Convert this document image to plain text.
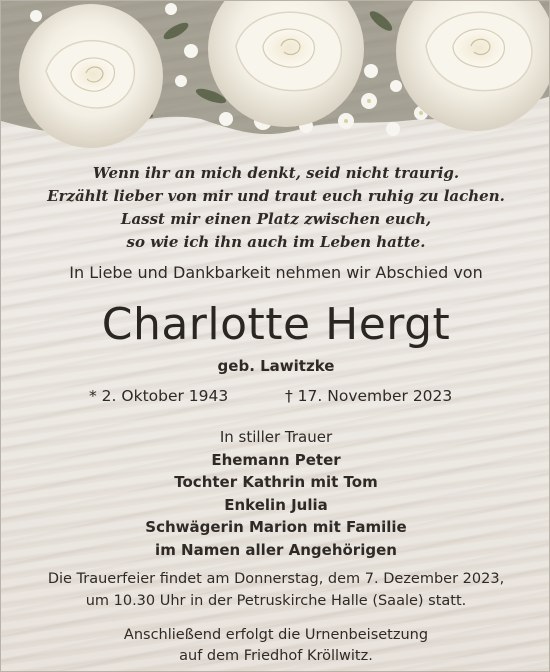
Wenn ihr an mich denkt, seid nicht traurig.
Erzählt lieber von mir und traut euch ruhig zu lachen.
Lasst mir einen Platz zwischen euch,
so wie ich ihn auch im Leben hatte.
In Liebe und Dankbarkeit nehmen wir Abschied von
Charlotte Hergt
geb. Lawitzke
* 2. Oktober 1943	† 17. November 2023
In stiller Trauer
Ehemann Peter
Tochter Kathrin mit Tom
Enkelin Julia
Schwägerin Marion mit Familie
im Namen aller Angehörigen
Die Trauerfeier findet am Donnerstag, dem 7. Dezember 2023,
um 10.30 Uhr in der Petruskirche Halle (Saale) statt.
Anschließend erfolgt die Urnenbeisetzung
auf dem Friedhof Kröllwitz.
